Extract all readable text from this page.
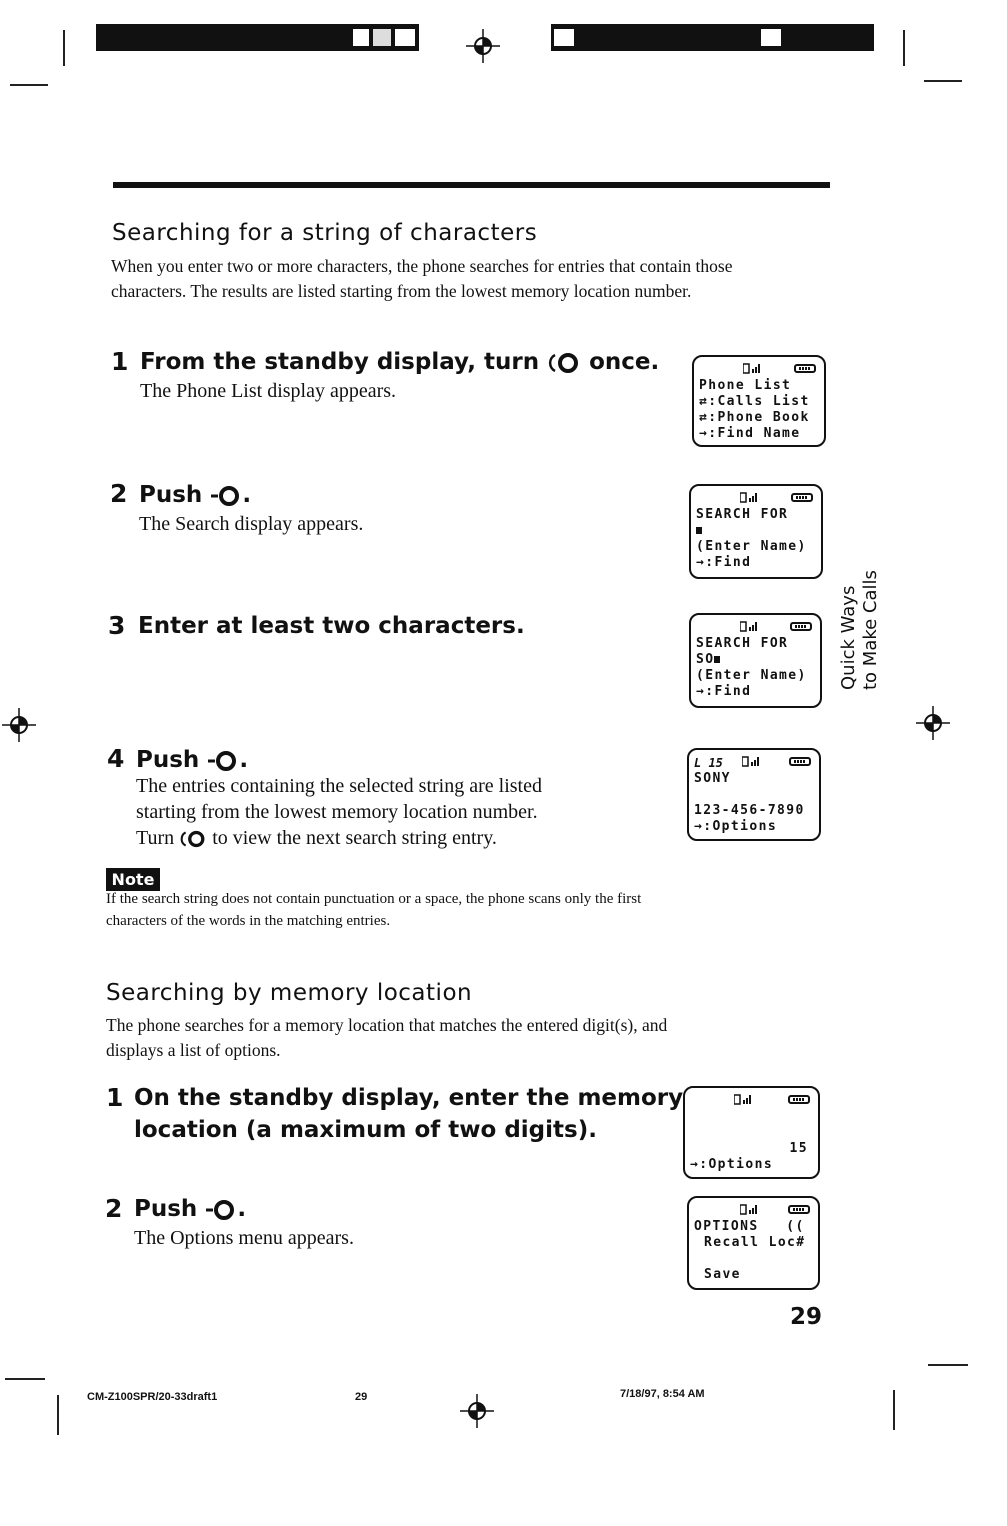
Searching for a string of characters
When you enter two or more characters, the phone searches for entries that contain those characters. The results are listed starting from the lowest memory location number.
1 From the standby display, turn once.
The Phone List display appears.
2 Push .
The Search display appears.
3 Enter at least two characters.
4 Push .
The entries containing the selected string are listed
starting from the lowest memory location number.
Turn to view the next search string entry.
Phone List
⇄:Calls List
⇄:Phone Book
→:Find Name
SEARCH FOR
(Enter Name)
→:Find
SEARCH FOR
SO
(Enter Name)
→:Find
L 15
SONY
123-456-7890
→:Options
Note
If the search string does not contain punctuation or a space, the phone scans only the first
characters of the words in the matching entries.
Searching by memory location
The phone searches for a memory location that matches the entered digit(s), and
displays a list of options.
1 On the standby display, enter the memory
location (a maximum of two digits).
2 Push .
The Options menu appears.
15
→:Options
OPTIONS   ((
Recall Loc#

Save
Quick Ways to Make Calls
29
CM-Z100SPR/20-33draft1	29	7/18/97, 8:54 AM
